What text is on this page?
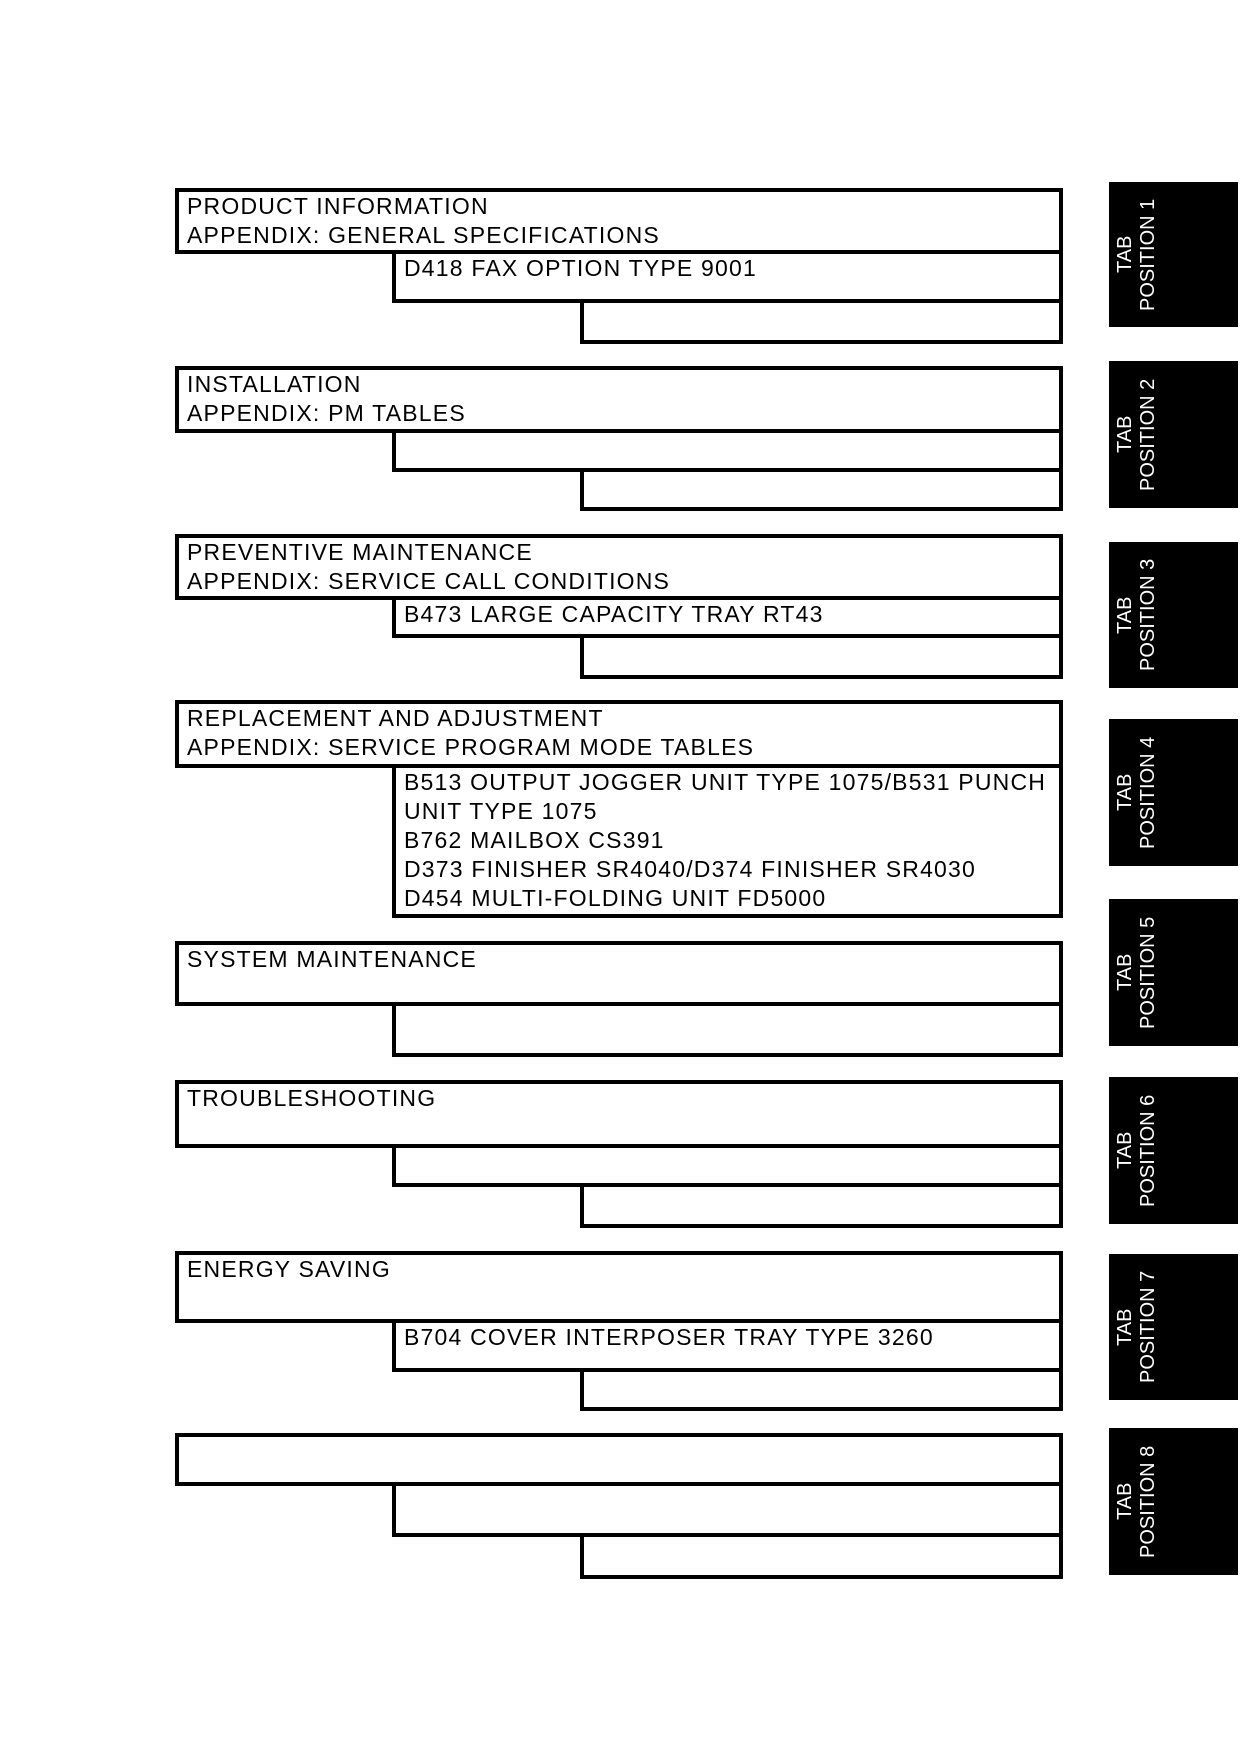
PRODUCT INFORMATION
APPENDIX: GENERAL SPECIFICATIONS
D418 FAX OPTION TYPE 9001
INSTALLATION
APPENDIX: PM TABLES
PREVENTIVE MAINTENANCE
APPENDIX: SERVICE CALL CONDITIONS
B473 LARGE CAPACITY TRAY RT43
REPLACEMENT AND ADJUSTMENT
APPENDIX: SERVICE PROGRAM MODE TABLES
B513 OUTPUT JOGGER UNIT TYPE 1075/B531 PUNCH
UNIT TYPE 1075
B762 MAILBOX CS391
D373 FINISHER SR4040/D374 FINISHER SR4030
D454 MULTI-FOLDING UNIT FD5000
SYSTEM MAINTENANCE
TROUBLESHOOTING
ENERGY SAVING
B704 COVER INTERPOSER TRAY TYPE 3260
TAB POSITION 1
TAB POSITION 2
TAB POSITION 3
TAB POSITION 4
TAB POSITION 5
TAB POSITION 6
TAB POSITION 7
TAB POSITION 8
